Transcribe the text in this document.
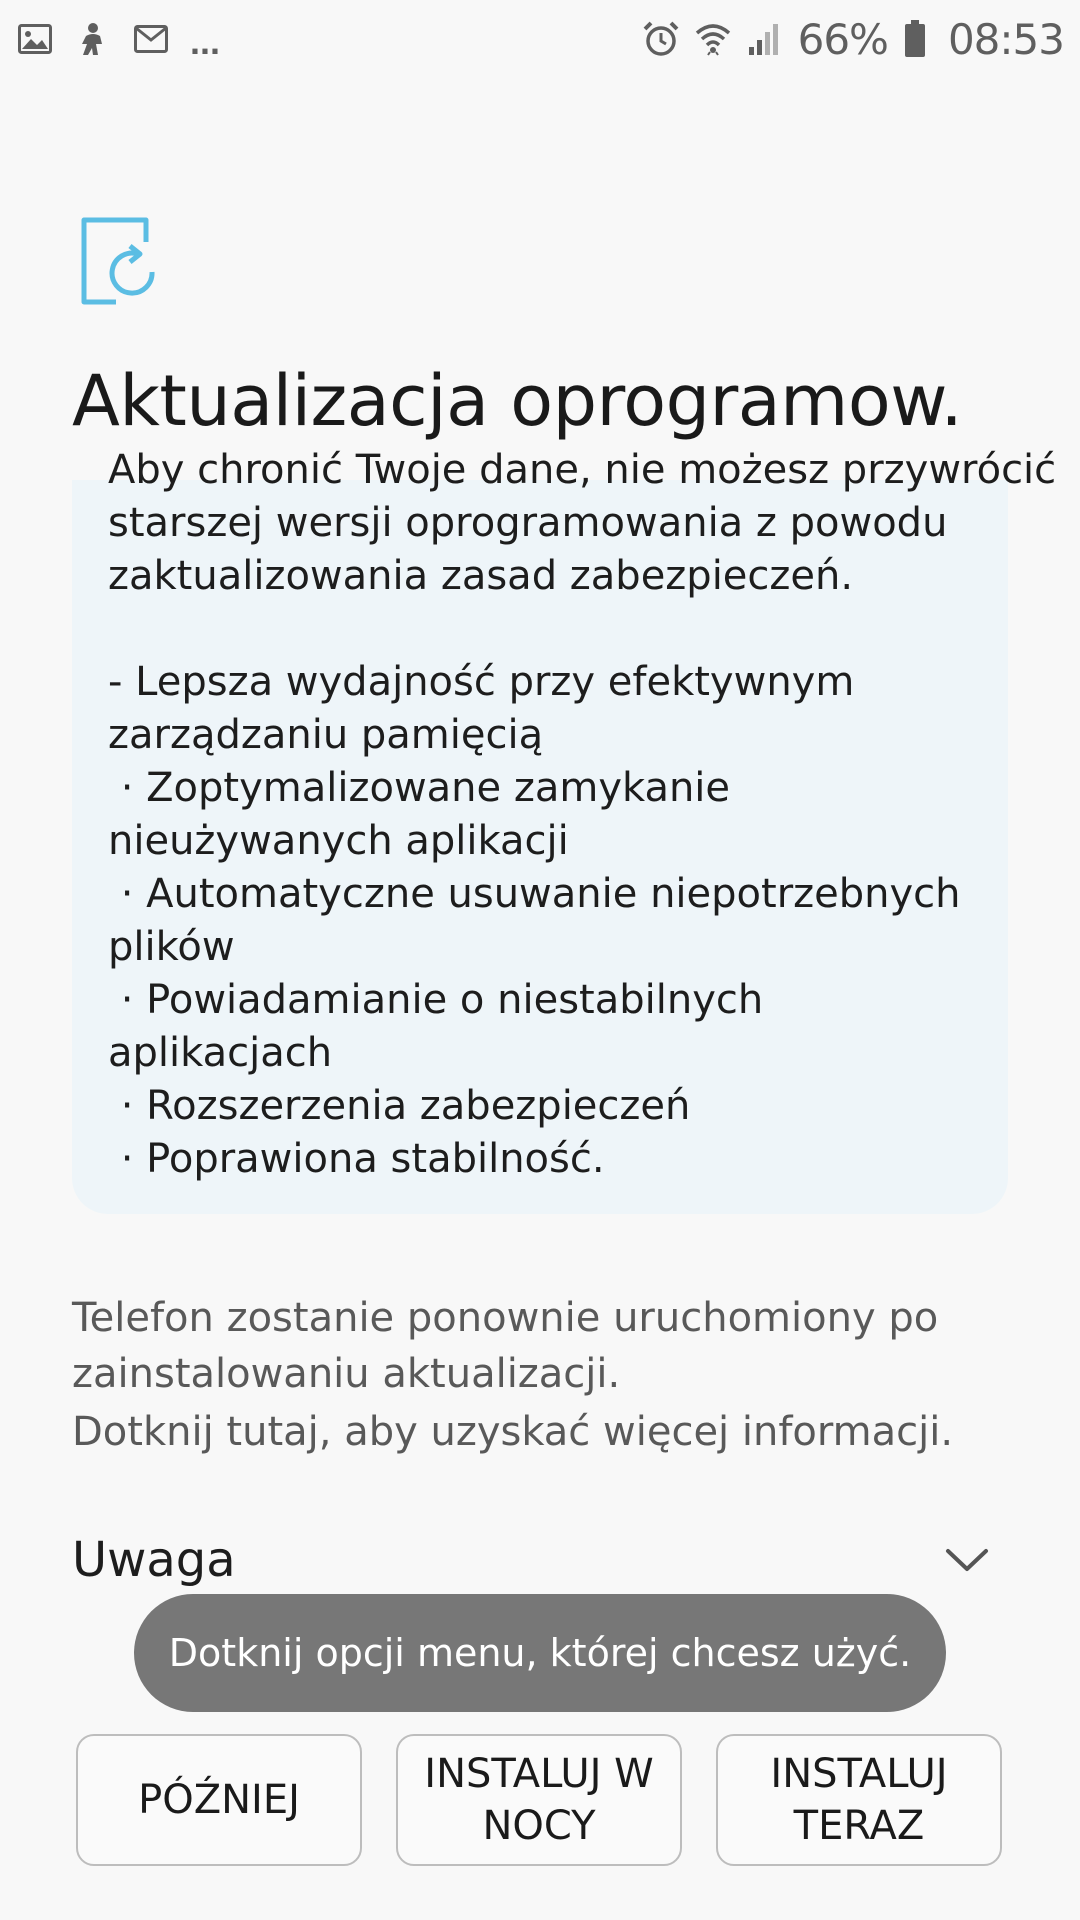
...	66% 08:53
Aktualizacja oprogramow.
Aby chronić Twoje dane, nie możesz przywrócić
starszej wersji oprogramowania z powodu
zaktualizowania zasad zabezpieczeń.
- Lepsza wydajność przy efektywnym
zarządzaniu pamięcią
· Zoptymalizowane zamykanie
nieużywanych aplikacji
· Automatyczne usuwanie niepotrzebnych
plików
· Powiadamianie o niestabilnych
aplikacjach
· Rozszerzenia zabezpieczeń
· Poprawiona stabilność.
Telefon zostanie ponownie uruchomiony po
zainstalowaniu aktualizacji.
Dotknij tutaj, aby uzyskać więcej informacji.
Uwaga
Dotknij opcji menu, której chcesz użyć.
PÓŹNIEJ
INSTALUJ W NOCY
INSTALUJ TERAZ
